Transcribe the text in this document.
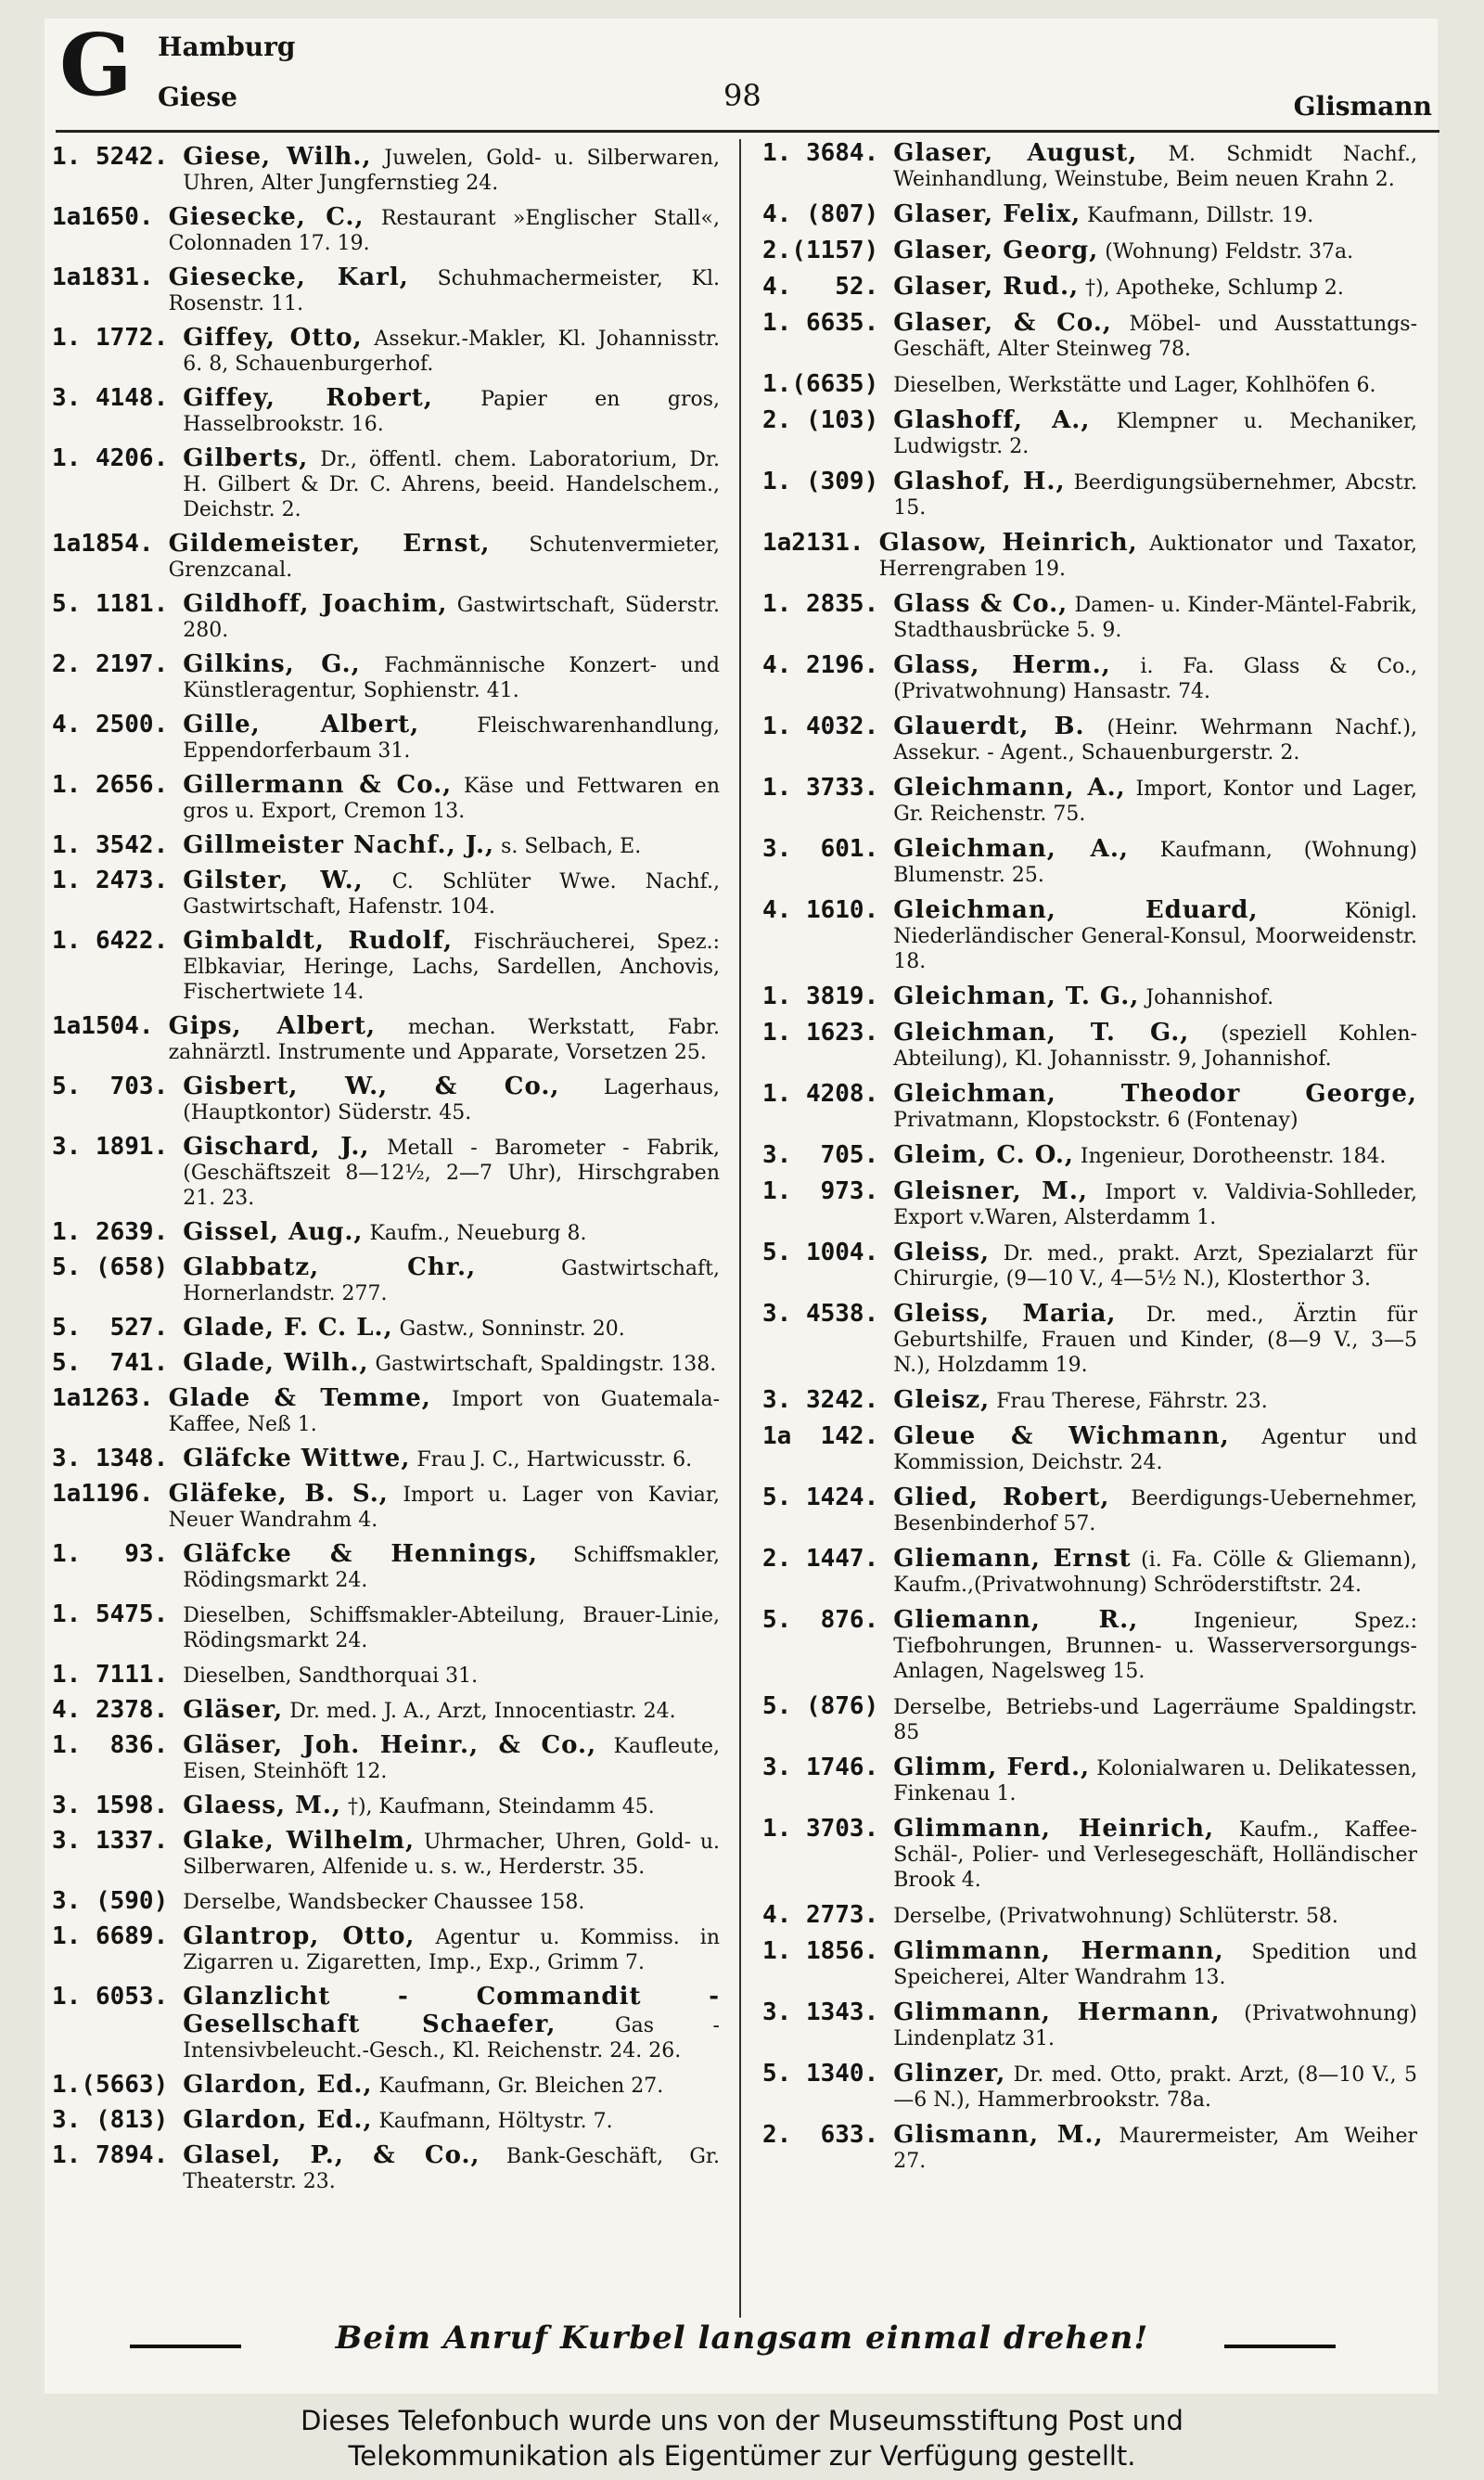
G Hamburg
Giese	98	Glismann
1. 5242. Giese, Wilh., Juwelen, Gold- u. Silberwaren, Uhren, Alter Jungfernstieg 24.
1a1650. Giesecke, C., Restaurant »Englischer Stall«, Colonnaden 17. 19.
1a1831. Giesecke, Karl, Schuhmachermeister, Kl. Rosenstr. 11.
1. 1772. Giffey, Otto, Assekur.-Makler, Kl. Johannisstr. 6. 8, Schauenburgerhof.
3. 4148. Giffey, Robert, Papier en gros, Hasselbrookstr. 16.
1. 4206. Gilberts, Dr., öffentl. chem. Laboratorium, Dr. H. Gilbert & Dr. C. Ahrens, beeid. Handelschem., Deichstr. 2.
1a1854. Gildemeister, Ernst, Schutenvermieter, Grenzcanal.
5. 1181. Gildhoff, Joachim, Gastwirtschaft, Süderstr. 280.
2. 2197. Gilkins, G., Fachmännische Konzert- und Künstleragentur, Sophienstr. 41.
4. 2500. Gille, Albert,	Fleischwarenhandlung, Eppendorferbaum 31.
1. 2656. Gillermann & Co., Käse und Fettwaren en gros u. Export, Cremon 13.
1. 3542. Gillmeister Nachf., J., s. Selbach, E.
1. 2473. Gilster, W., C. Schlüter Wwe. Nachf., Gastwirtschaft, Hafenstr. 104.
1. 6422. Gimbaldt, Rudolf, Fischräucherei, Spez.: Elbkaviar, Heringe, Lachs, Sardellen, Anchovis, Fischertwiete 14.
1a1504. Gips, Albert, mechan. Werkstatt, Fabr. zahnärztl. Instrumente und Apparate, Vorsetzen 25.
5.  703. Gisbert, W., & Co., Lagerhaus, (Hauptkontor) Süderstr. 45.
3. 1891. Gischard, J., Metall - Barometer - Fabrik, (Geschäftszeit 8—12½, 2—7 Uhr), Hirschgraben 21. 23.
1. 2639. Gissel, Aug., Kaufm., Neueburg 8.
5. (658) Glabbatz, Chr.,	Gastwirtschaft, Hornerlandstr. 277.
5.  527. Glade, F. C. L., Gastw., Sonninstr. 20.
5.  741. Glade, Wilh., Gastwirtschaft, Spaldingstr. 138.
1a1263. Glade & Temme, Import von Guatemala-Kaffee, Neß 1.
3. 1348. Gläfcke Wittwe, Frau J. C., Hartwicusstr. 6.
1a1196. Gläfeke, B. S., Import u. Lager von Kaviar, Neuer Wandrahm 4.
1.   93. Gläfcke & Hennings, Schiffsmakler, Rödingsmarkt 24.
1. 5475. Dieselben, Schiffsmakler-Abteilung, Brauer-Linie, Rödingsmarkt 24.
1. 7111. Dieselben, Sandthorquai 31.
4. 2378. Gläser, Dr. med. J. A., Arzt, Innocentiastr. 24.
1.  836. Gläser, Joh. Heinr., & Co., Kaufleute, Eisen, Steinhöft 12.
3. 1598. Glaess, M., †), Kaufmann, Steindamm 45.
3. 1337. Glake, Wilhelm, Uhrmacher, Uhren, Gold- u. Silberwaren, Alfenide u. s. w., Herderstr. 35.
3. (590) Derselbe, Wandsbecker Chaussee 158.
1. 6689. Glantrop, Otto, Agentur u. Kommiss. in Zigarren u. Zigaretten, Imp., Exp., Grimm 7.
1. 6053. Glanzlicht - Commandit - Gesellschaft Schaefer,	Gas - Intensivbeleucht.-Gesch., Kl. Reichenstr. 24. 26.
1.(5663) Glardon, Ed., Kaufmann, Gr. Bleichen 27.
3. (813) Glardon, Ed., Kaufmann, Höltystr. 7.
1. 7894. Glasel, P., & Co., Bank-Geschäft, Gr. Theaterstr. 23.
1. 3684. Glaser, August, M. Schmidt Nachf., Weinhandlung, Weinstube, Beim neuen Krahn 2.
4. (807) Glaser, Felix, Kaufmann, Dillstr. 19.
2.(1157) Glaser, Georg, (Wohnung) Feldstr. 37a.
4.   52. Glaser, Rud., †), Apotheke, Schlump 2.
1. 6635. Glaser, & Co., Möbel- und Ausstattungs-Geschäft, Alter Steinweg 78.
1.(6635) Dieselben, Werkstätte und Lager, Kohlhöfen 6.
2. (103) Glashoff, A., Klempner u. Mechaniker, Ludwigstr. 2.
1. (309) Glashof, H., Beerdigungsübernehmer, Abcstr. 15.
1a2131. Glasow, Heinrich, Auktionator und Taxator, Herrengraben 19.
1. 2835. Glass & Co., Damen- u. Kinder-Mäntel-Fabrik, Stadthausbrücke 5. 9.
4. 2196. Glass, Herm., i. Fa. Glass & Co., (Privatwohnung) Hansastr. 74.
1. 4032. Glauerdt, B. (Heinr. Wehrmann Nachf.), Assekur. - Agent., Schauenburgerstr. 2.
1. 3733. Gleichmann, A., Import, Kontor und Lager, Gr. Reichenstr. 75.
3.  601. Gleichman, A., Kaufmann, (Wohnung) Blumenstr. 25.
4. 1610. Gleichman, Eduard,	Königl. Niederländischer General-Konsul, Moorweidenstr. 18.
1. 3819. Gleichman, T. G., Johannishof.
1. 1623. Gleichman, T. G., (speziell Kohlen-Abteilung), Kl. Johannisstr. 9, Johannishof.
1. 4208. Gleichman, Theodor George, Privatmann, Klopstockstr. 6 (Fontenay)
3.  705. Gleim, C. O., Ingenieur, Dorotheenstr. 184.
1.  973. Gleisner, M., Import v. Valdivia-Sohlleder, Export v.Waren, Alsterdamm 1.
5. 1004. Gleiss, Dr. med., prakt. Arzt, Spezialarzt für Chirurgie, (9—10 V., 4—5½ N.), Klosterthor 3.
3. 4538. Gleiss, Maria, Dr. med., Ärztin für Geburtshilfe, Frauen und Kinder, (8—9 V., 3—5 N.), Holzdamm 19.
3. 3242. Gleisz, Frau Therese, Fährstr. 23.
1a  142. Gleue & Wichmann, Agentur und Kommission, Deichstr. 24.
5. 1424. Glied, Robert, Beerdigungs-Uebernehmer, Besenbinderhof 57.
2. 1447. Gliemann, Ernst (i. Fa. Cölle & Gliemann), Kaufm.,(Privatwohnung) Schröderstiftstr. 24.
5.  876. Gliemann, R.,	Ingenieur, Spez.: Tiefbohrungen, Brunnen- u. Wasserversorgungs-Anlagen, Nagelsweg 15.
5. (876) Derselbe, Betriebs-und Lagerräume Spaldingstr. 85
3. 1746. Glimm, Ferd., Kolonialwaren u. Delikatessen, Finkenau 1.
1. 3703. Glimmann, Heinrich, Kaufm., Kaffee-Schäl-, Polier- und Verlesegeschäft, Holländischer Brook 4.
4. 2773. Derselbe, (Privatwohnung) Schlüterstr. 58.
1. 1856. Glimmann, Hermann, Spedition und Speicherei, Alter Wandrahm 13.
3. 1343. Glimmann, Hermann, (Privatwohnung) Lindenplatz 31.
5. 1340. Glinzer, Dr. med. Otto, prakt. Arzt, (8—10 V., 5—6 N.), Hammerbrookstr. 78a.
2.  633. Glismann, M., Maurermeister, Am Weiher 27.
Beim Anruf Kurbel langsam einmal drehen!
Dieses Telefonbuch wurde uns von der Museumsstiftung Post und
Telekommunikation als Eigentümer zur Verfügung gestellt.
